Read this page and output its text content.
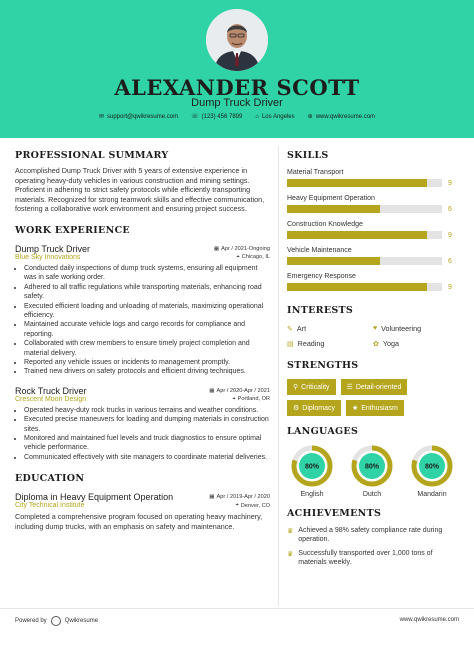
ALEXANDER SCOTT
Dump Truck Driver
✉ support@qwikresume.com ☏ (123) 456 7899 ⌂ Los Angeles ⊕ www.qwikresume.com
PROFESSIONAL SUMMARY
Accomplished Dump Truck Driver with 5 years of extensive experience in operating heavy-duty vehicles in various construction and mining settings. Proficient in adhering to strict safety protocols while efficiently transporting materials. Recognized for strong teamwork skills and effective communication, fostering a collaborative work environment and ensuring project success.
WORK EXPERIENCE
Dump Truck Driver	▦ Apr / 2021-Ongoing
Blue Sky Innovations	⌖ Chicago, IL
• Conducted daily inspections of dump truck systems, ensuring all equipment was in safe working order.
• Adhered to all traffic regulations while transporting materials, enhancing road safety.
• Executed efficient loading and unloading of materials, maximizing operational efficiency.
• Maintained accurate vehicle logs and cargo records for compliance and reporting.
• Collaborated with crew members to ensure timely project completion and material delivery.
• Reported any vehicle issues or incidents to management promptly.
• Trained new drivers on safety protocols and efficient driving techniques.
Rock Truck Driver	▦ Apr / 2020-Apr / 2021
Crescent Moon Design	⌖ Portland, OR
• Operated heavy-duty rock trucks in various terrains and weather conditions.
• Executed precise maneuvers for loading and dumping materials in construction sites.
• Monitored and maintained fuel levels and truck diagnostics to ensure optimal vehicle performance.
• Communicated effectively with site managers to coordinate material deliveries.
EDUCATION
Diploma in Heavy Equipment Operation	▦ Apr / 2019-Apr / 2020
City Technical Institute	⌖ Denver, CO
Completed a comprehensive program focused on operating heavy machinery, including dump trucks, with an emphasis on safety and maintenance.
SKILLS
Material Transport
9
Heavy Equipment Operation
6
Construction Knowledge
9
Vehicle Maintenance
6
Emergency Response
9
INTERESTS
✎ Art	♥ Volunteering
▤ Reading	✿ Yoga
STRENGTHS
⚲ Criticality ☰ Detail-oriented
⚙ Diplomacy ★ Enthusiasm
LANGUAGES
80%
English
80%
Dutch
80%
Mandarin
ACHIEVEMENTS
♛ Achieved a 98% safety compliance rate during operation.
♛ Successfully transported over 1,000 tons of materials weekly.
Powered by	Qwikresume	www.qwikresume.com
